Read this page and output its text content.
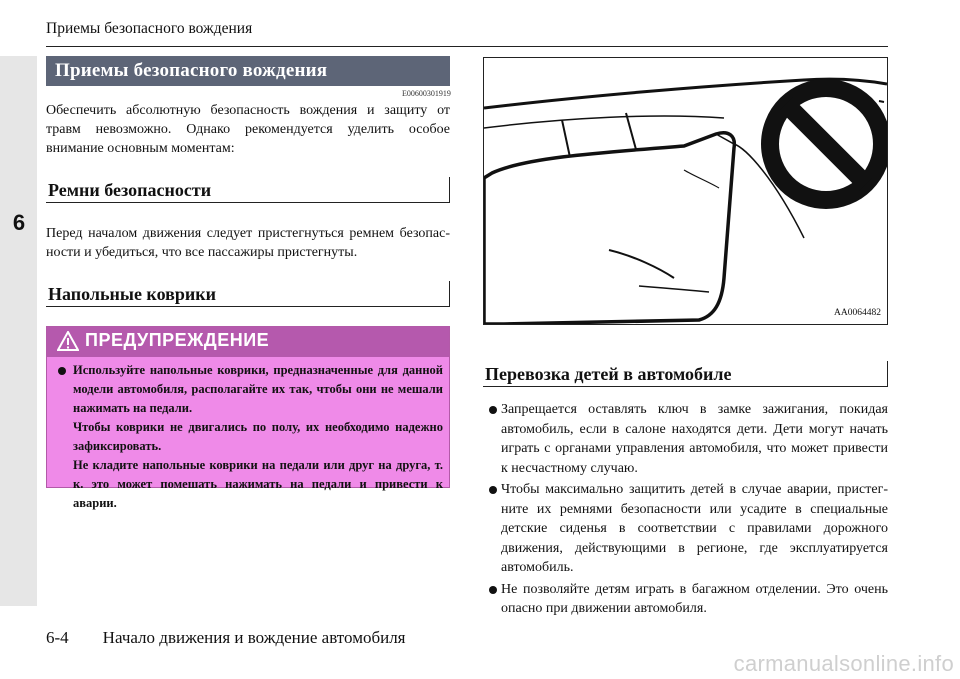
6
Приемы безопасного вождения
Приемы безопасного вождения
E00600301919
Обеспечить абсолютную безопасность вождения и защиту от травм невозможно. Однако рекомендуется уделить особое внимание основным моментам:
Ремни безопасности
Перед началом движения следует пристегнуться ремнем безопасности и убедиться, что все пассажиры пристегнуты.
Напольные коврики
ПРЕДУПРЕЖДЕНИЕ
Используйте напольные коврики, предназначенные для данной модели автомобиля, располагайте их так, чтобы они не мешали нажимать на педали.
Чтобы коврики не двигались по полу, их необходимо надежно зафиксировать.
Не кладите напольные коврики на педали или друг на друга, т. к. это может помешать нажимать на педали и привести к аварии.
AA0064482
Перевозка детей в автомобиле
Запрещается оставлять ключ в замке зажигания, покидая автомобиль, если в салоне находятся дети. Дети могут начать играть с органами управления автомобиля, что может привести к несчастному случаю.
Чтобы максимально защитить детей в случае аварии, пристегните их ремнями безопасности или усадите в специальные детские сиденья в соответствии с правилами дорожного движения, действующими в регионе, где эксплуатируется автомобиль.
Не позволяйте детям играть в багажном отделении. Это очень опасно при движении автомобиля.
6-4 Начало движения и вождение автомобиля
carmanualsonline.info
